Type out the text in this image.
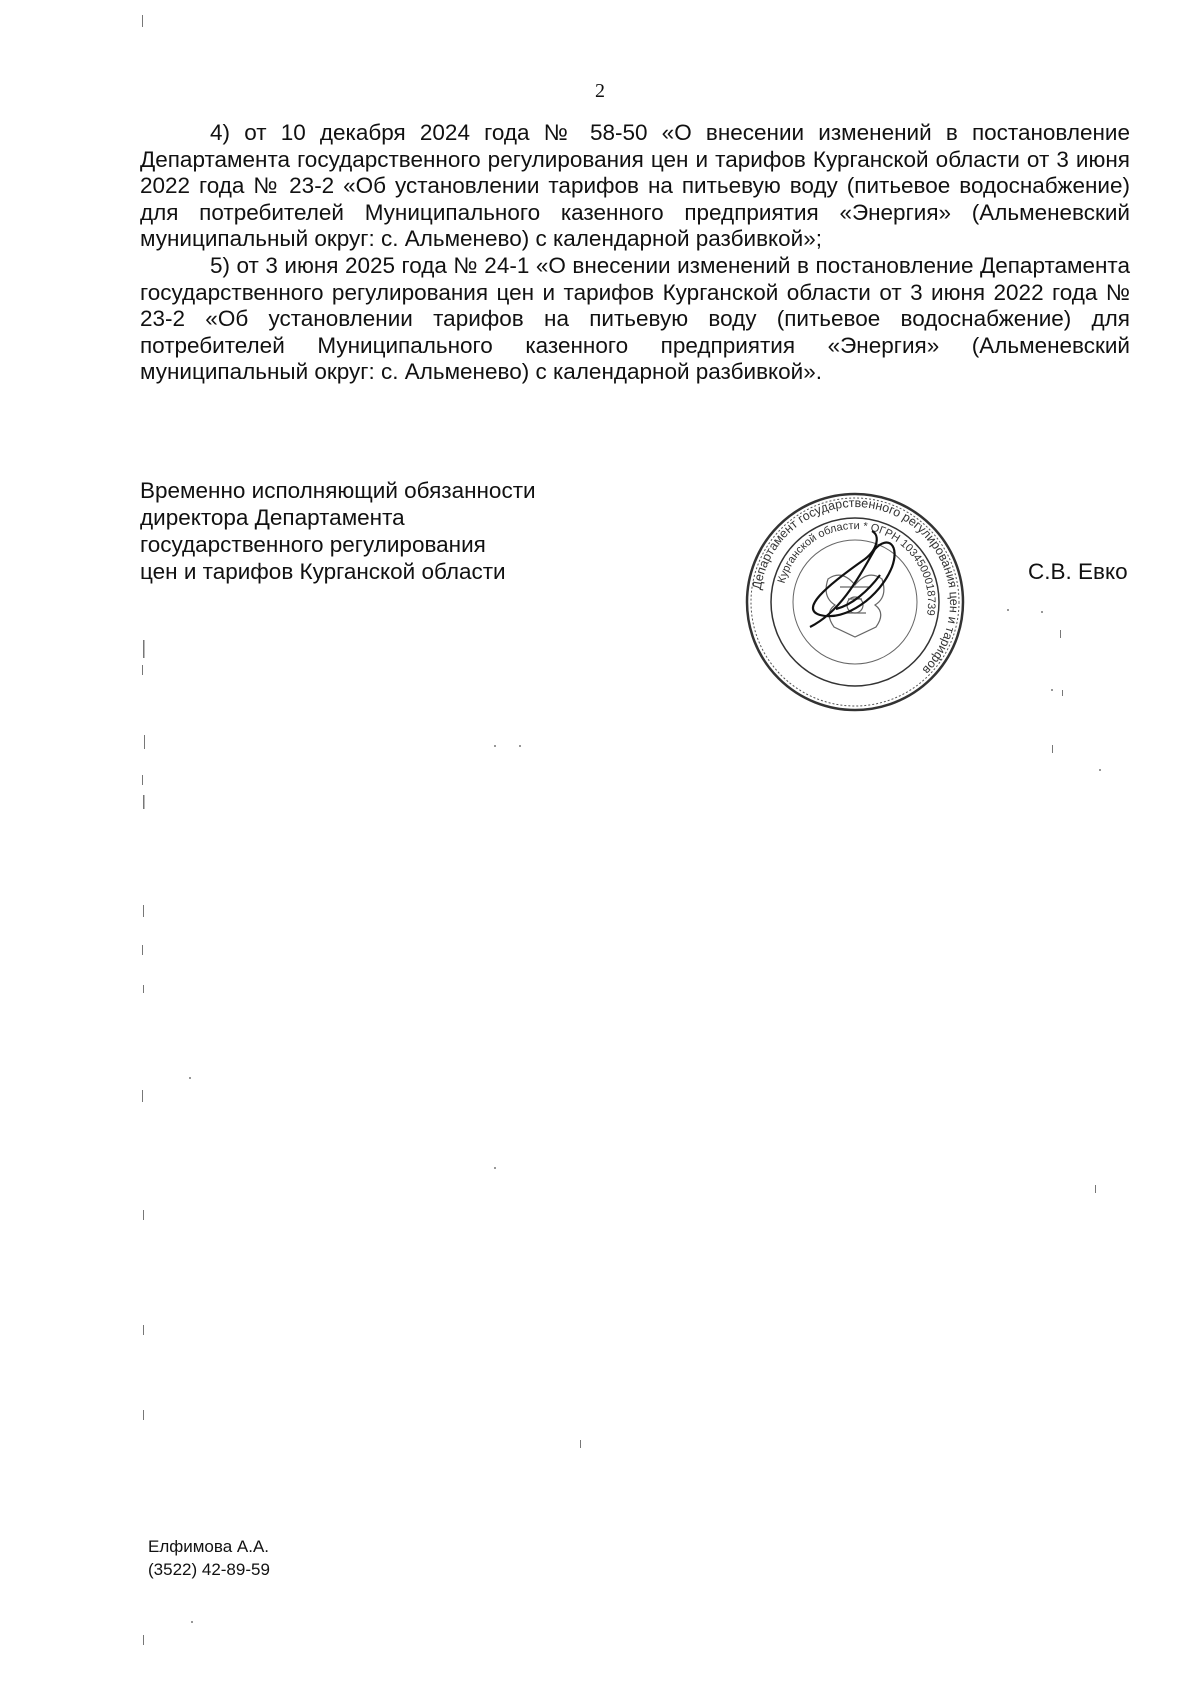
2

4) от 10 декабря 2024 года № 58-50 «О внесении изменений в постановление Департамента государственного регулирования цен и тарифов Курганской области от 3 июня 2022 года № 23-2 «Об установлении тарифов на питьевую воду (питьевое водоснабжение) для потребителей Муниципального казенного предприятия «Энергия» (Альменевский муниципальный округ: с. Альменево) с календарной разбивкой»;

5) от 3 июня 2025 года № 24-1 «О внесении изменений в постановление Департамента государственного регулирования цен и тарифов Курганской области от 3 июня 2022 года № 23-2 «Об установлении тарифов на питьевую воду (питьевое водоснабжение) для потребителей Муниципального казенного предприятия «Энергия» (Альменевский муниципальный округ: с. Альменево) с календарной разбивкой».

Временно исполняющий обязанности
директора Департамента
государственного регулирования
цен и тарифов Курганской области
Департамент государственного регулирования цен и тарифов
Курганской области * ОГРН 1034500018739
С.В. Евко
Елфимова А.А.
(3522) 42-89-59
